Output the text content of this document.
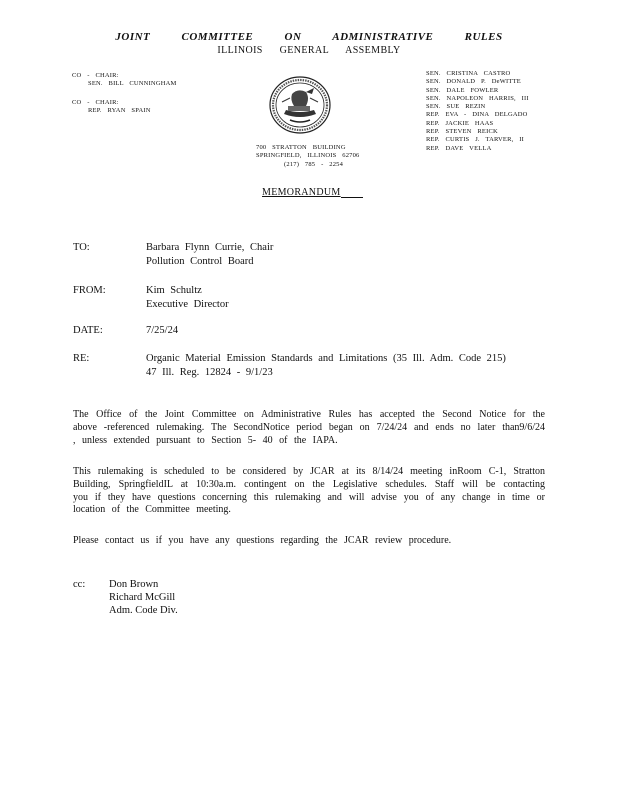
JOINT COMMITTEE ON ADMINISTRATIVE RULES
ILLINOIS GENERAL ASSEMBLY
CO - CHAIR:
SEN. BILL CUNNINGHAM
CO - CHAIR:
REP. RYAN SPAIN
700 STRATTON BUILDING
SPRINGFIELD, ILLINOIS 62706
(217) 785 - 2254
SEN. CRISTINA CASTRO
SEN. DONALD P. DeWITTE
SEN. DALE FOWLER
SEN. NAPOLEON HARRIS, III
SEN. SUE REZIN
REP. EVA - DINA DELGADO
REP. JACKIE HAAS
REP. STEVEN REICK
REP. CURTIS J. TARVER, II
REP. DAVE VELLA
MEMORANDUM
TO:	Barbara Flynn Currie, Chair
Pollution Control Board
FROM:	Kim Schultz
Executive Director
DATE:	7/25/24
RE:	Organic Material Emission Standards and Limitations (35 Ill. Adm. Code 215)
47 Ill. Reg. 12824 - 9/1/23
The Office of the Joint Committee on Administrative Rules has accepted the Second Notice for the above -referenced rulemaking. The SecondNotice period began on 7/24/24 and ends no later than9/6/24 , unless extended pursuant to Section 5- 40 of the IAPA.
This rulemaking is scheduled to be considered by JCAR at its 8/14/24 meeting inRoom C-1, Stratton Building, SpringfieldIL at 10:30a.m. contingent on the Legislative schedules. Staff will be contacting you if they have questions concerning this rulemaking and will advise you of any change in time or location of the Committee meeting.
Please contact us if you have any questions regarding the JCAR review procedure.
cc: Don Brown
Richard McGill
Adm. Code Div.
